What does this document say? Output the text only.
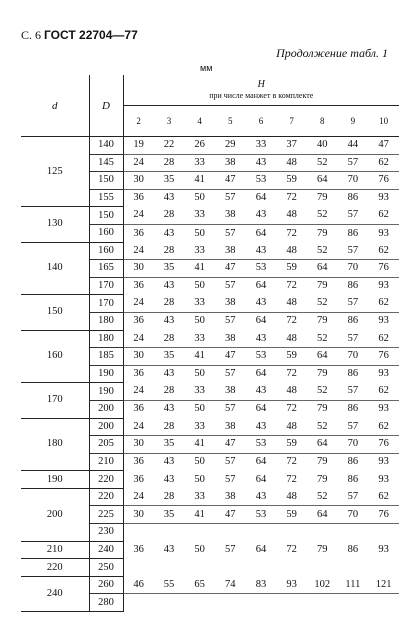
С. 6 ГОСТ 22704—77
Продолжение табл. 1
мм
d	D	H
при числе манжет в комплекте								
		2	3	4	5	6	7	8	9	10
125	140	19	22	26	29	33	37	40	44	47
	145	24	28	33	38	43	48	52	57	62
	150	30	35	41	47	53	59	64	70	76
	155	36	43	50	57	64	72	79	86	93
130	150	24	28	33	38	43	48	52	57	62
	160	36	43	50	57	64	72	79	86	93
140	160	24	28	33	38	43	48	52	57	62
	165	30	35	41	47	53	59	64	70	76
	170	36	43	50	57	64	72	79	86	93
150	170	24	28	33	38	43	48	52	57	62
	180	36	43	50	57	64	72	79	86	93
160	180	24	28	33	38	43	48	52	57	62
	185	30	35	41	47	53	59	64	70	76
	190	36	43	50	57	64	72	79	86	93
170	190	24	28	33	38	43	48	52	57	62
	200	36	43	50	57	64	72	79	86	93
180	200	24	28	33	38	43	48	52	57	62
	205	30	35	41	47	53	59	64	70	76
	210	36	43	50	57	64	72	79	86	93
190	220	36	43	50	57	64	72	79	86	93
200	220	24	28	33	38	43	48	52	57	62
	225	30	35	41	47	53	59	64	70	76
	230									
210	240	36	43	50	57	64	72	79	86	93
220	250									
240	260	46	55	65	74	83	93	102	111	121
	280									
